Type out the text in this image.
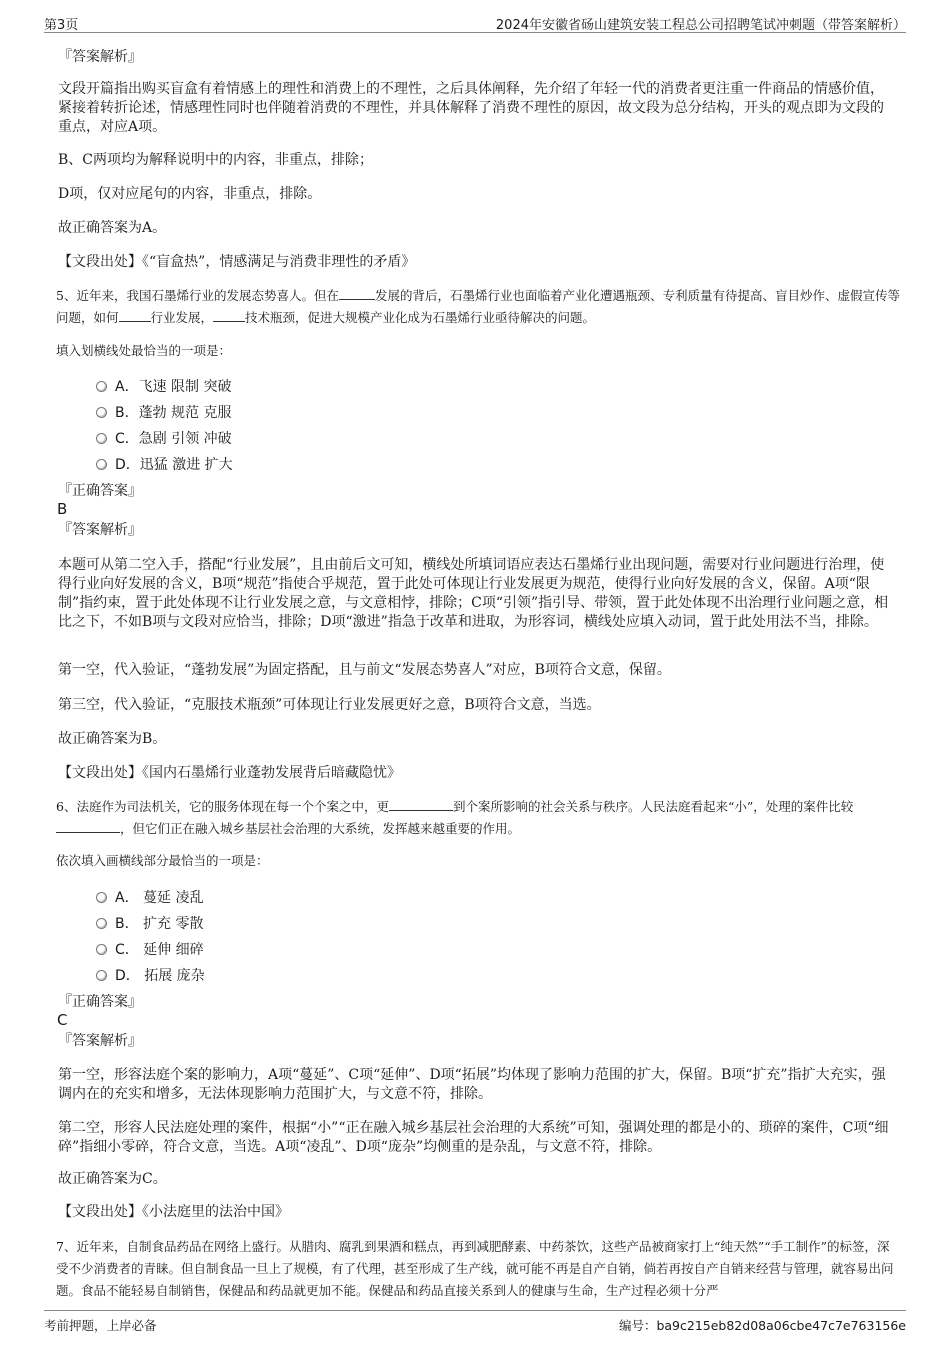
第3页	2024年安徽省砀山建筑安装工程总公司招聘笔试冲刺题（带答案解析）
『答案解析』

文段开篇指出购买盲盒有着情感上的理性和消费上的不理性，之后具体阐释，先介绍了年轻一代的消费者更注重一件商品的情感价值，紧接着转折论述，情感理性同时也伴随着消费的不理性，并具体解释了消费不理性的原因，故文段为总分结构，开头的观点即为文段的重点，对应A项。

B、C两项均为解释说明中的内容，非重点，排除；

D项，仅对应尾句的内容，非重点，排除。

故正确答案为A。

【文段出处】《“盲盒热”，情感满足与消费非理性的矛盾》

5、近年来，我国石墨烯行业的发展态势喜人。但在	发展的背后，石墨烯行业也面临着产业化遭遇瓶颈、专利质量有待提高、盲目炒作、虚假宣传等问题，如何	行业发展，	技术瓶颈，促进大规模产业化成为石墨烯行业亟待解决的问题。

填入划横线处最恰当的一项是：
A．飞速 限制 突破
B．蓬勃 规范 克服
C．急剧 引领 冲破
D．迅猛 激进 扩大
『正确答案』
B
『答案解析』

本题可从第二空入手，搭配“行业发展”，且由前后文可知，横线处所填词语应表达石墨烯行业出现问题，需要对行业问题进行治理，使得行业向好发展的含义，B项“规范”指使合乎规范，置于此处可体现让行业发展更为规范，使得行业向好发展的含义，保留。A项“限制”指约束，置于此处体现不让行业发展之意，与文意相悖，排除；C项“引领”指引导、带领，置于此处体现不出治理行业问题之意，相比之下，不如B项与文段对应恰当，排除；D项“激进”指急于改革和进取，为形容词，横线处应填入动词，置于此处用法不当，排除。

第一空，代入验证，“蓬勃发展”为固定搭配，且与前文“发展态势喜人”对应，B项符合文意，保留。

第三空，代入验证，“克服技术瓶颈”可体现让行业发展更好之意，B项符合文意，当选。

故正确答案为B。

【文段出处】《国内石墨烯行业蓬勃发展背后暗藏隐忧》

6、法庭作为司法机关，它的服务体现在每一个个案之中，更	到个案所影响的社会关系与秩序。人民法庭看起来“小”，处理的案件比较，但它们正在融入城乡基层社会治理的大系统，发挥越来越重要的作用。

依次填入画横线部分最恰当的一项是：
A． 蔓延 凌乱
B． 扩充 零散
C． 延伸 细碎
D． 拓展 庞杂
『正确答案』
C
『答案解析』

第一空，形容法庭个案的影响力，A项“蔓延”、C项“延伸”、D项“拓展”均体现了影响力范围的扩大，保留。B项“扩充”指扩大充实，强调内在的充实和增多，无法体现影响力范围扩大，与文意不符，排除。

第二空，形容人民法庭处理的案件，根据“小”“正在融入城乡基层社会治理的大系统”可知，强调处理的都是小的、琐碎的案件，C项“细碎”指细小零碎，符合文意，当选。A项“凌乱”、D项“庞杂”均侧重的是杂乱，与文意不符，排除。

故正确答案为C。

【文段出处】《小法庭里的法治中国》

7、近年来，自制食品药品在网络上盛行。从腊肉、腐乳到果酒和糕点，再到减肥酵素、中药茶饮，这些产品被商家打上“纯天然”“手工制作”的标签，深受不少消费者的青睐。但自制食品一旦上了规模，有了代理，甚至形成了生产线，就可能不再是自产自销，倘若再按自产自销来经营与管理，就容易出问题。食品不能轻易自制销售，保健品和药品就更加不能。保健品和药品直接关系到人的健康与生命，生产过程必须十分严

考前押题，上岸必备	编号：ba9c215eb82d08a06cbe47c7e763156e
